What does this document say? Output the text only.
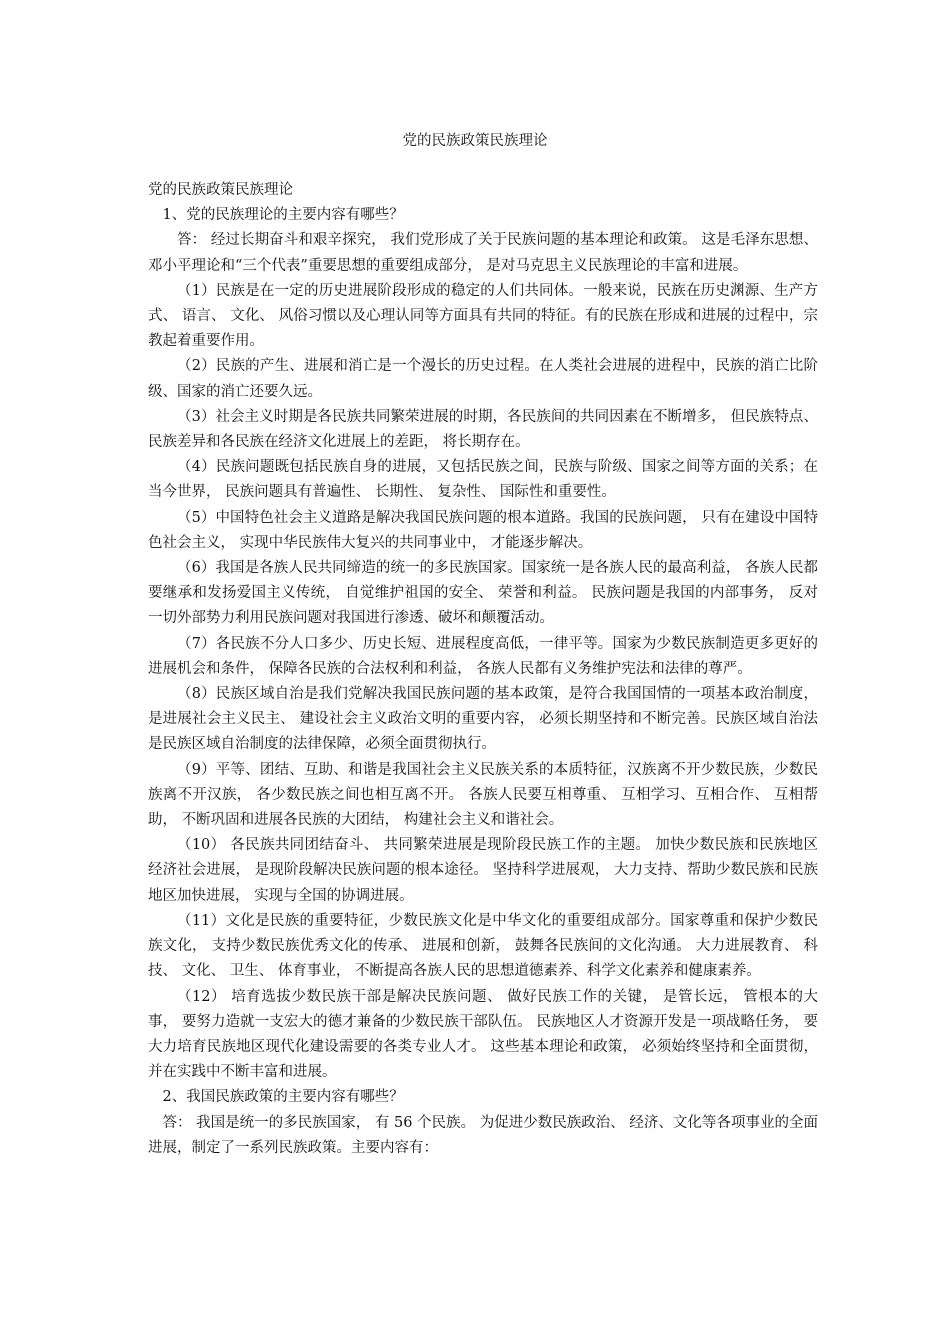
党的民族政策民族理论

党的民族政策民族理论

1、党的民族理论的主要内容有哪些？

答： 经过长期奋斗和艰辛探究， 我们党形成了关于民族问题的基本理论和政策。 这是毛泽东思想、 邓小平理论和“三个代表”重要思想的重要组成部分， 是对马克思主义民族理论的丰富和进展。

（1）民族是在一定的历史进展阶段形成的稳定的人们共同体。一般来说，民族在历史渊源、生产方式、 语言、 文化、 风俗习惯以及心理认同等方面具有共同的特征。有的民族在形成和进展的过程中，宗教起着重要作用。

（2）民族的产生、进展和消亡是一个漫长的历史过程。在人类社会进展的进程中，民族的消亡比阶级、国家的消亡还要久远。

（3）社会主义时期是各民族共同繁荣进展的时期，各民族间的共同因素在不断增多， 但民族特点、 民族差异和各民族在经济文化进展上的差距， 将长期存在。

（4）民族问题既包括民族自身的进展，又包括民族之间，民族与阶级、国家之间等方面的关系；在当今世界， 民族问题具有普遍性、 长期性、 复杂性、 国际性和重要性。

（5）中国特色社会主义道路是解决我国民族问题的根本道路。我国的民族问题， 只有在建设中国特色社会主义， 实现中华民族伟大复兴的共同事业中， 才能逐步解决。

（6）我国是各族人民共同缔造的统一的多民族国家。国家统一是各族人民的最高利益， 各族人民都要继承和发扬爱国主义传统， 自觉维护祖国的安全、 荣誉和利益。 民族问题是我国的内部事务， 反对一切外部势力利用民族问题对我国进行渗透、破坏和颠覆活动。

（7）各民族不分人口多少、历史长短、进展程度高低，一律平等。国家为少数民族制造更多更好的进展机会和条件， 保障各民族的合法权利和利益， 各族人民都有义务维护宪法和法律的尊严。

（8）民族区域自治是我们党解决我国民族问题的基本政策，是符合我国国情的一项基本政治制度， 是进展社会主义民主、 建设社会主义政治文明的重要内容， 必须长期坚持和不断完善。民族区域自治法是民族区域自治制度的法律保障，必须全面贯彻执行。

（9）平等、团结、互助、和谐是我国社会主义民族关系的本质特征，汉族离不开少数民族，少数民族离不开汉族， 各少数民族之间也相互离不开。 各族人民要互相尊重、 互相学习、互相合作、 互相帮助， 不断巩固和进展各民族的大团结， 构建社会主义和谐社会。

（10） 各民族共同团结奋斗、 共同繁荣进展是现阶段民族工作的主题。 加快少数民族和民族地区经济社会进展， 是现阶段解决民族问题的根本途径。 坚持科学进展观， 大力支持、帮助少数民族和民族地区加快进展， 实现与全国的协调进展。

（11）文化是民族的重要特征，少数民族文化是中华文化的重要组成部分。国家尊重和保护少数民族文化， 支持少数民族优秀文化的传承、 进展和创新， 鼓舞各民族间的文化沟通。 大力进展教育、 科技、 文化、 卫生、 体育事业， 不断提高各族人民的思想道德素养、科学文化素养和健康素养。

（12） 培育选拔少数民族干部是解决民族问题、 做好民族工作的关键， 是管长远， 管根本的大事， 要努力造就一支宏大的德才兼备的少数民族干部队伍。 民族地区人才资源开发是一项战略任务， 要大力培育民族地区现代化建设需要的各类专业人才。 这些基本理论和政策， 必须始终坚持和全面贯彻， 并在实践中不断丰富和进展。

2、我国民族政策的主要内容有哪些？

答： 我国是统一的多民族国家， 有 56 个民族。 为促进少数民族政治、 经济、文化等各项事业的全面进展，制定了一系列民族政策。主要内容有：
